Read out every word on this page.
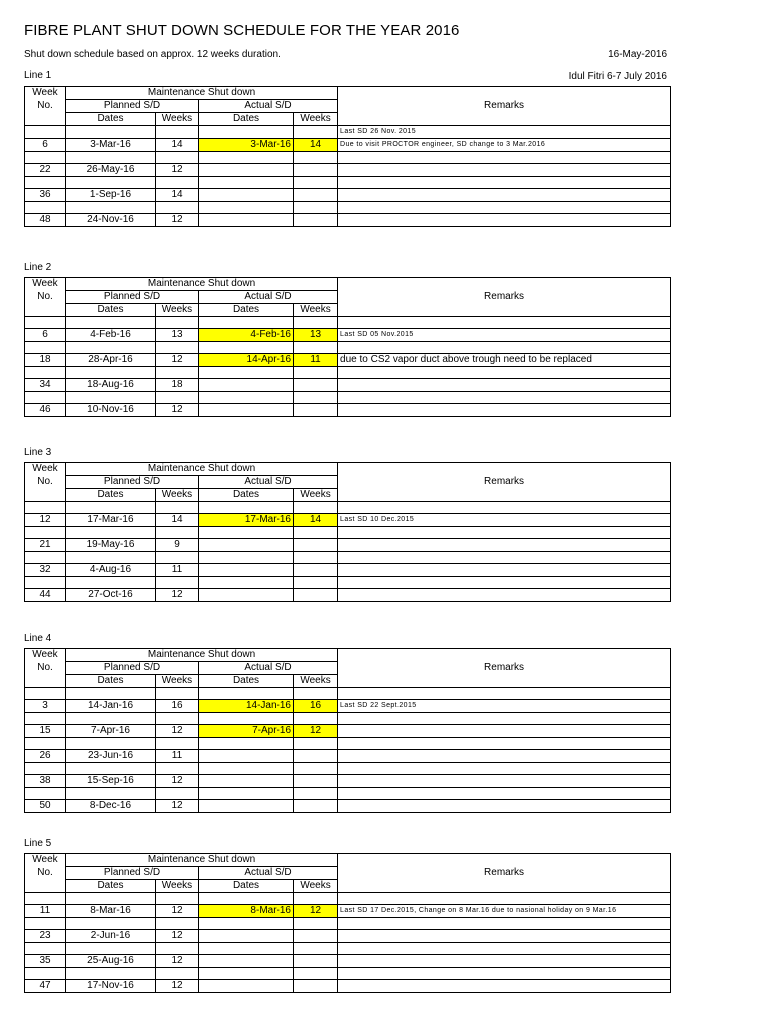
FIBRE PLANT SHUT DOWN SCHEDULE FOR THE YEAR 2016
Shut down schedule based on approx. 12 weeks duration.	16-May-2016
Idul Fitri 6-7 July 2016
Line 1
Week	Maintenance Shut down				Remarks
No.	Planned S/D		Actual S/D		
	Dates	Weeks	Dates	Weeks	
					Last SD 26 Nov. 2015
6	3-Mar-16	14	3-Mar-16	14	Due to visit PROCTOR engineer, SD change to 3 Mar.2016

22	26-May-16	12			

36	1-Sep-16	14			

48	24-Nov-16	12			
Line 2
Week	Maintenance Shut down				Remarks
No.	Planned S/D		Actual S/D		
	Dates	Weeks	Dates	Weeks	

6	4-Feb-16	13	4-Feb-16	13	Last SD 05 Nov.2015

18	28-Apr-16	12	14-Apr-16	11	due to CS2 vapor duct above trough need to be replaced

34	18-Aug-16	18			

46	10-Nov-16	12			
Line 3
Week	Maintenance Shut down				Remarks
No.	Planned S/D		Actual S/D		
	Dates	Weeks	Dates	Weeks	

12	17-Mar-16	14	17-Mar-16	14	Last SD 10 Dec.2015

21	19-May-16	9			

32	4-Aug-16	11			

44	27-Oct-16	12			
Line 4
Week	Maintenance Shut down				Remarks
No.	Planned S/D		Actual S/D		
	Dates	Weeks	Dates	Weeks	

3	14-Jan-16	16	14-Jan-16	16	Last SD 22 Sept.2015

15	7-Apr-16	12	7-Apr-16	12	

26	23-Jun-16	11			

38	15-Sep-16	12			

50	8-Dec-16	12			
Line 5
Week	Maintenance Shut down				Remarks
No.	Planned S/D		Actual S/D		
	Dates	Weeks	Dates	Weeks	

11	8-Mar-16	12	8-Mar-16	12	Last SD 17 Dec.2015, Change on 8 Mar.16 due to nasional holiday on 9 Mar.16

23	2-Jun-16	12			

35	25-Aug-16	12			

47	17-Nov-16	12			
